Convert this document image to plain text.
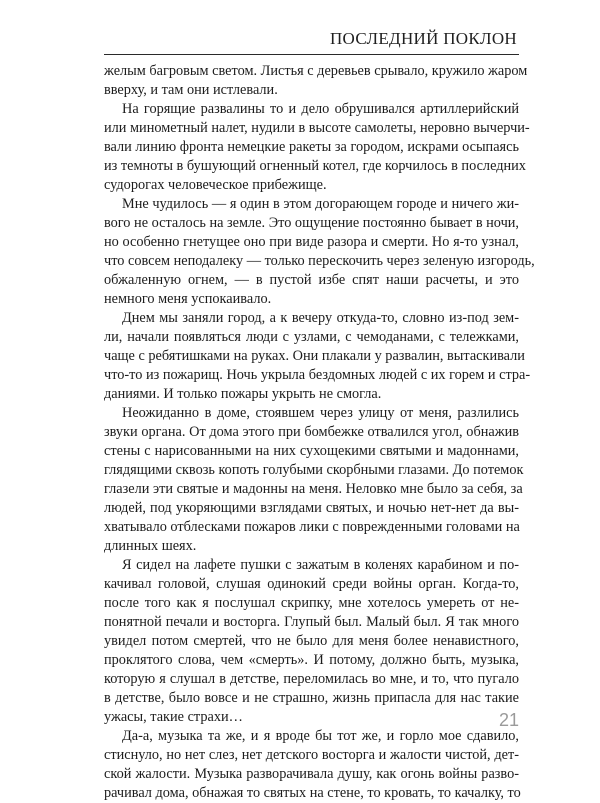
ПОСЛЕДНИЙ ПОКЛОН
желым багровым светом. Листья с деревьев срывало, кружило жаром
вверху, и там они истлевали.
На горящие развалины то и дело обрушивался артиллерийский
или минометный налет, нудили в высоте самолеты, неровно вычерчи-
вали линию фронта немецкие ракеты за городом, искрами осыпаясь
из темноты в бушующий огненный котел, где корчилось в последних
судорогах человеческое прибежище.
Мне чудилось — я один в этом догорающем городе и ничего жи-
вого не осталось на земле. Это ощущение постоянно бывает в ночи,
но особенно гнетущее оно при виде разора и смерти. Но я-то узнал,
что совсем неподалеку — только перескочить через зеленую изгородь,
обжаленную огнем, — в пустой избе спят наши расчеты, и это
немного меня успокаивало.
Днем мы заняли город, а к вечеру откуда-то, словно из-под зем-
ли, начали появляться люди с узлами, с чемоданами, с тележками,
чаще с ребятишками на руках. Они плакали у развалин, вытаскивали
что-то из пожарищ. Ночь укрыла бездомных людей с их горем и стра-
даниями. И только пожары укрыть не смогла.
Неожиданно в доме, стоявшем через улицу от меня, разлились
звуки органа. От дома этого при бомбежке отвалился угол, обнажив
стены с нарисованными на них сухощекими святыми и мадоннами,
глядящими сквозь копоть голубыми скорбными глазами. До потемок
глазели эти святые и мадонны на меня. Неловко мне было за себя, за
людей, под укоряющими взглядами святых, и ночью нет-нет да вы-
хватывало отблесками пожаров лики с поврежденными головами на
длинных шеях.
Я сидел на лафете пушки с зажатым в коленях карабином и по-
качивал головой, слушая одинокий среди войны орган. Когда-то,
после того как я послушал скрипку, мне хотелось умереть от не-
понятной печали и восторга. Глупый был. Малый был. Я так много
увидел потом смертей, что не было для меня более ненавистного,
проклятого слова, чем «смерть». И потому, должно быть, музыка,
которую я слушал в детстве, переломилась во мне, и то, что пугало
в детстве, было вовсе и не страшно, жизнь припасла для нас такие
ужасы, такие страхи…
Да-а, музыка та же, и я вроде бы тот же, и горло мое сдавило,
стиснуло, но нет слез, нет детского восторга и жалости чистой, дет-
ской жалости. Музыка разворачивала душу, как огонь войны разво-
рачивал дома, обнажая то святых на стене, то кровать, то качалку, то
21
